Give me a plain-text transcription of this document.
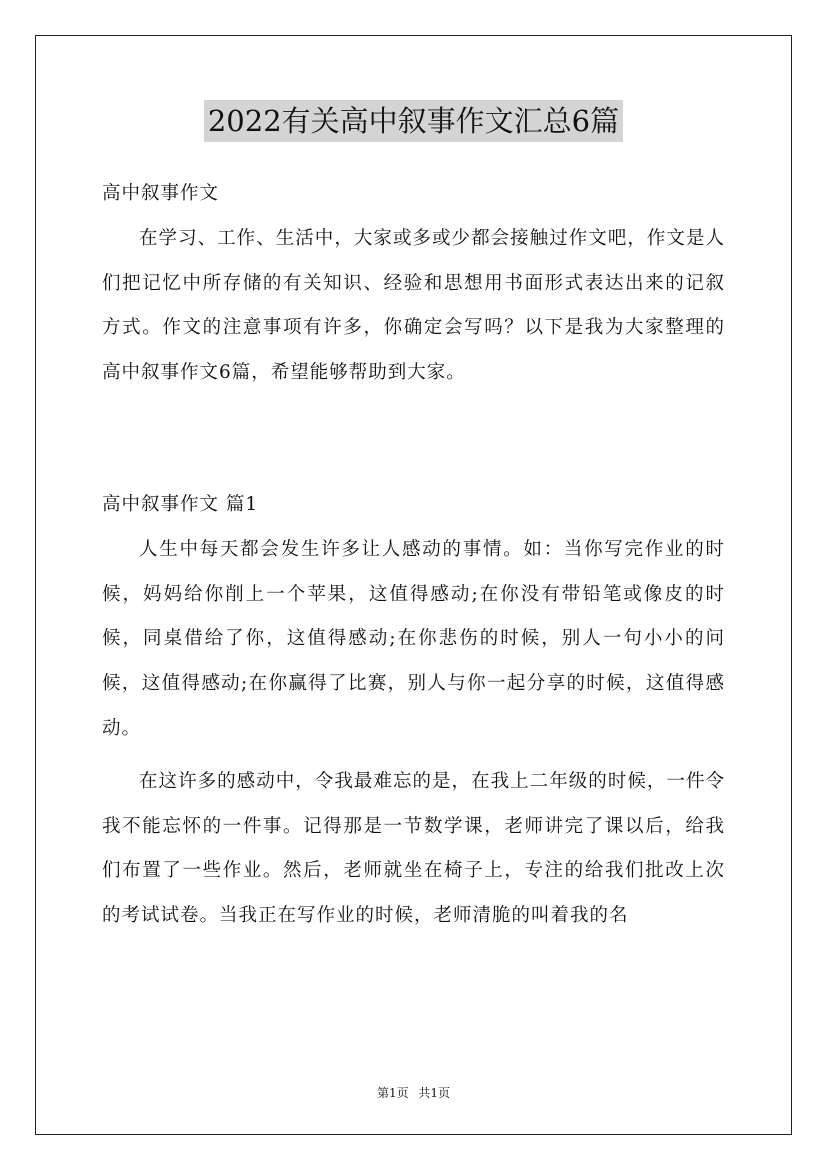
2022有关高中叙事作文汇总6篇

高中叙事作文

在学习、工作、生活中，大家或多或少都会接触过作文吧，作文是人们把记忆中所存储的有关知识、经验和思想用书面形式表达出来的记叙方式。作文的注意事项有许多，你确定会写吗？以下是我为大家整理的高中叙事作文6篇，希望能够帮助到大家。

高中叙事作文 篇1

人生中每天都会发生许多让人感动的事情。如：当你写完作业的时候，妈妈给你削上一个苹果，这值得感动;在你没有带铅笔或像皮的时候，同桌借给了你，这值得感动;在你悲伤的时候，别人一句小小的问候，这值得感动;在你赢得了比赛，别人与你一起分享的时候，这值得感动。

在这许多的感动中，令我最难忘的是，在我上二年级的时候，一件令我不能忘怀的一件事。记得那是一节数学课，老师讲完了课以后，给我们布置了一些作业。然后，老师就坐在椅子上，专注的给我们批改上次的考试试卷。当我正在写作业的时候，老师清脆的叫着我的名

第1页 共1页
